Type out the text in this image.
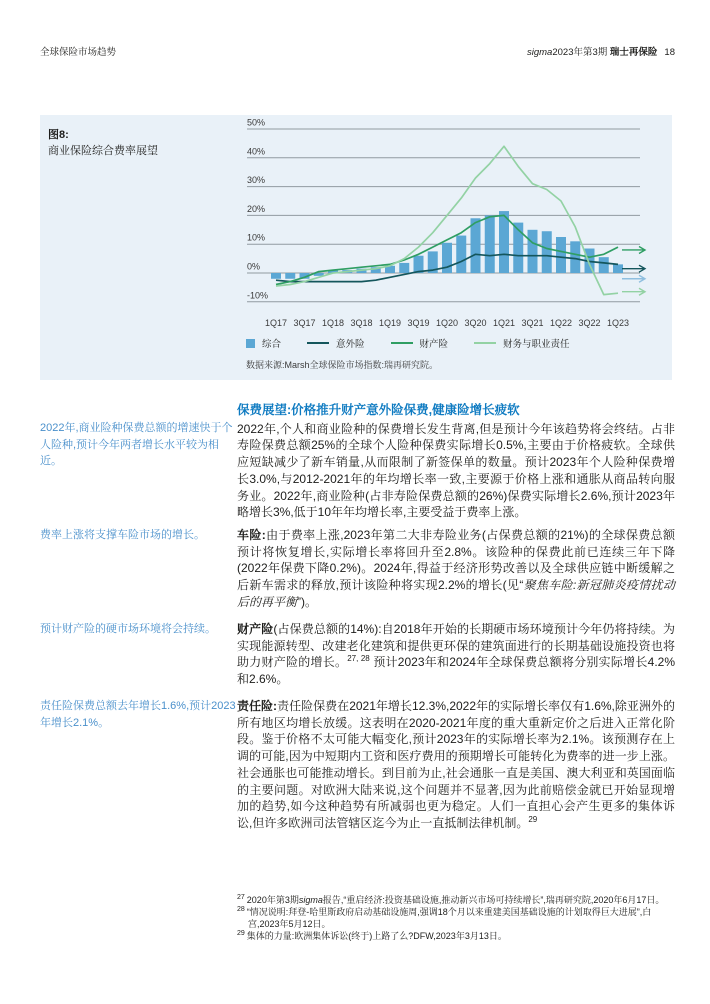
全球保险市场趋势	sigma2023年第3期 瑞士再保险 18
图8:
商业保险综合费率展望
50%
40%
30%
20%
10%
0%
-10%
1Q17 3Q17 1Q18 3Q18 1Q19 3Q19 1Q20 3Q20 1Q21 3Q21 1Q22 3Q22 1Q23
综合	意外险	财产险	财务与职业责任
数据来源:Marsh全球保险市场指数:瑞再研究院。
2022年,商业险种保费总额的增速快于个人险种,预计今年两者增长水平较为相近。
保费展望:价格推升财产意外险保费,健康险增长疲软

2022年,个人和商业险种的保费增长发生背离,但是预计今年该趋势将会终结。占非寿险保费总额25%的全球个人险种保费实际增长0.5%,主要由于价格疲软。全球供应短缺减少了新车销量,从而限制了新签保单的数量。预计2023年个人险种保费增长3.0%,与2012-2021年的年均增长率一致,主要源于价格上涨和通胀从商品转向服务业。2022年,商业险种(占非寿险保费总额的26%)保费实际增长2.6%,预计2023年略增长3%,低于10年年均增长率,主要受益于费率上涨。

费率上涨将支撑车险市场的增长。	车险:由于费率上涨,2023年第二大非寿险业务(占保费总额的21%)的全球保费总额预计将恢复增长,实际增长率将回升至2.8%。该险种的保费此前已连续三年下降(2022年保费下降0.2%)。2024年,得益于经济形势改善以及全球供应链中断缓解之后新车需求的释放,预计该险种将实现2.2%的增长(见“聚焦车险:新冠肺炎疫情扰动后的再平衡”)。

预计财产险的硬市场环境将会持续。	财产险(占保费总额的14%):自2018年开始的长期硬市场环境预计今年仍将持续。为实现能源转型、改建老化建筑和提供更环保的建筑面进行的长期基础设施投资也将助力财产险的增长。$^{27, 28}$ 预计2023年和2024年全球保费总额将分别实际增长4.2%和2.6%。

责任险保费总额去年增长1.6%,预计2023年增长2.1%。

责任险:责任险保费在2021年增长12.3%,2022年的实际增长率仅有1.6%,除亚洲外的所有地区均增长放缓。这表明在2020-2021年度的重大重新定价之后进入正常化阶段。鉴于价格不太可能大幅变化,预计2023年的实际增长率为2.1%。该预测存在上调的可能,因为中短期内工资和医疗费用的预期增长可能转化为费率的进一步上涨。社会通胀也可能推动增长。到目前为止,社会通胀一直是美国、澳大利亚和英国面临的主要问题。对欧洲大陆来说,这个问题并不显著,因为此前赔偿金就已开始显现增加的趋势,如今这种趋势有所减弱也更为稳定。人们一直担心会产生更多的集体诉讼,但许多欧洲司法管辖区迄今为止一直抵制法律机制。$^{29}$

$^{27}$ 2020年第3期sigma报告,“重启经济:投资基础设施,推动新兴市场可持续增长”,瑞再研究院,2020年6月17日。
$^{28}$ “情况说明:拜登-哈里斯政府启动基础设施周,强调18个月以来重建美国基础设施的计划取得巨大进展”,白宫,2023年5月12日。
$^{29}$ 集体的力量:欧洲集体诉讼(终于)上路了么?DFW,2023年3月13日。
